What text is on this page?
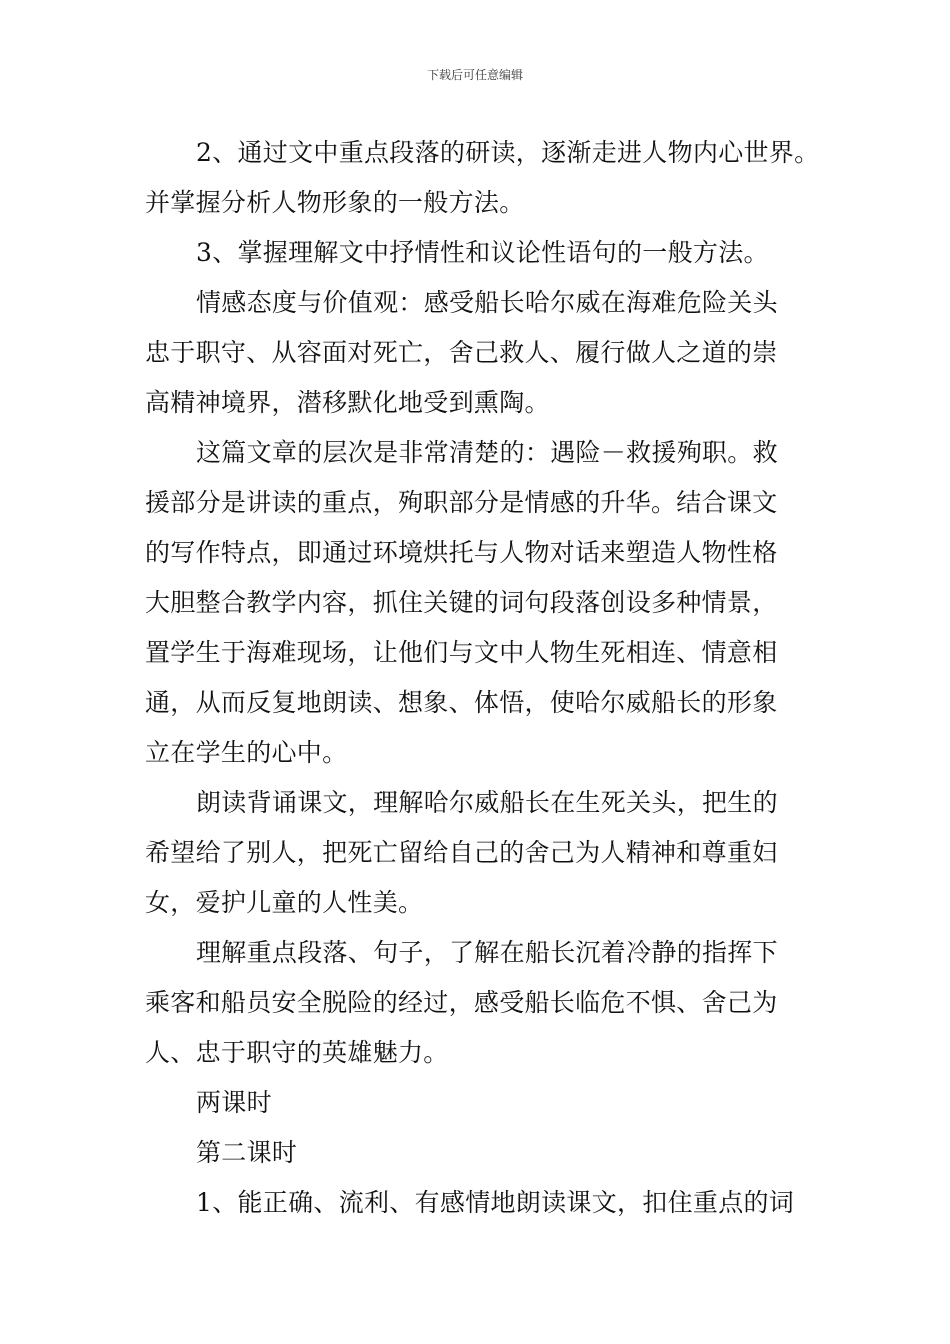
下载后可任意编辑
2、通过文中重点段落的研读，逐渐走进人物内心世界。
并掌握分析人物形象的一般方法。
3、掌握理解文中抒情性和议论性语句的一般方法。
情感态度与价值观：感受船长哈尔威在海难危险关头
忠于职守、从容面对死亡，舍己救人、履行做人之道的崇
高精神境界，潜移默化地受到熏陶。
这篇文章的层次是非常清楚的：遇险－救援殉职。救
援部分是讲读的重点，殉职部分是情感的升华。结合课文
的写作特点，即通过环境烘托与人物对话来塑造人物性格
大胆整合教学内容，抓住关键的词句段落创设多种情景，
置学生于海难现场，让他们与文中人物生死相连、情意相
通，从而反复地朗读、想象、体悟，使哈尔威船长的形象
立在学生的心中。
朗读背诵课文，理解哈尔威船长在生死关头，把生的
希望给了别人，把死亡留给自己的舍己为人精神和尊重妇
女，爱护儿童的人性美。
理解重点段落、句子，了解在船长沉着冷静的指挥下
乘客和船员安全脱险的经过，感受船长临危不惧、舍己为
人、忠于职守的英雄魅力。
两课时
第二课时
1、能正确、流利、有感情地朗读课文，扣住重点的词
